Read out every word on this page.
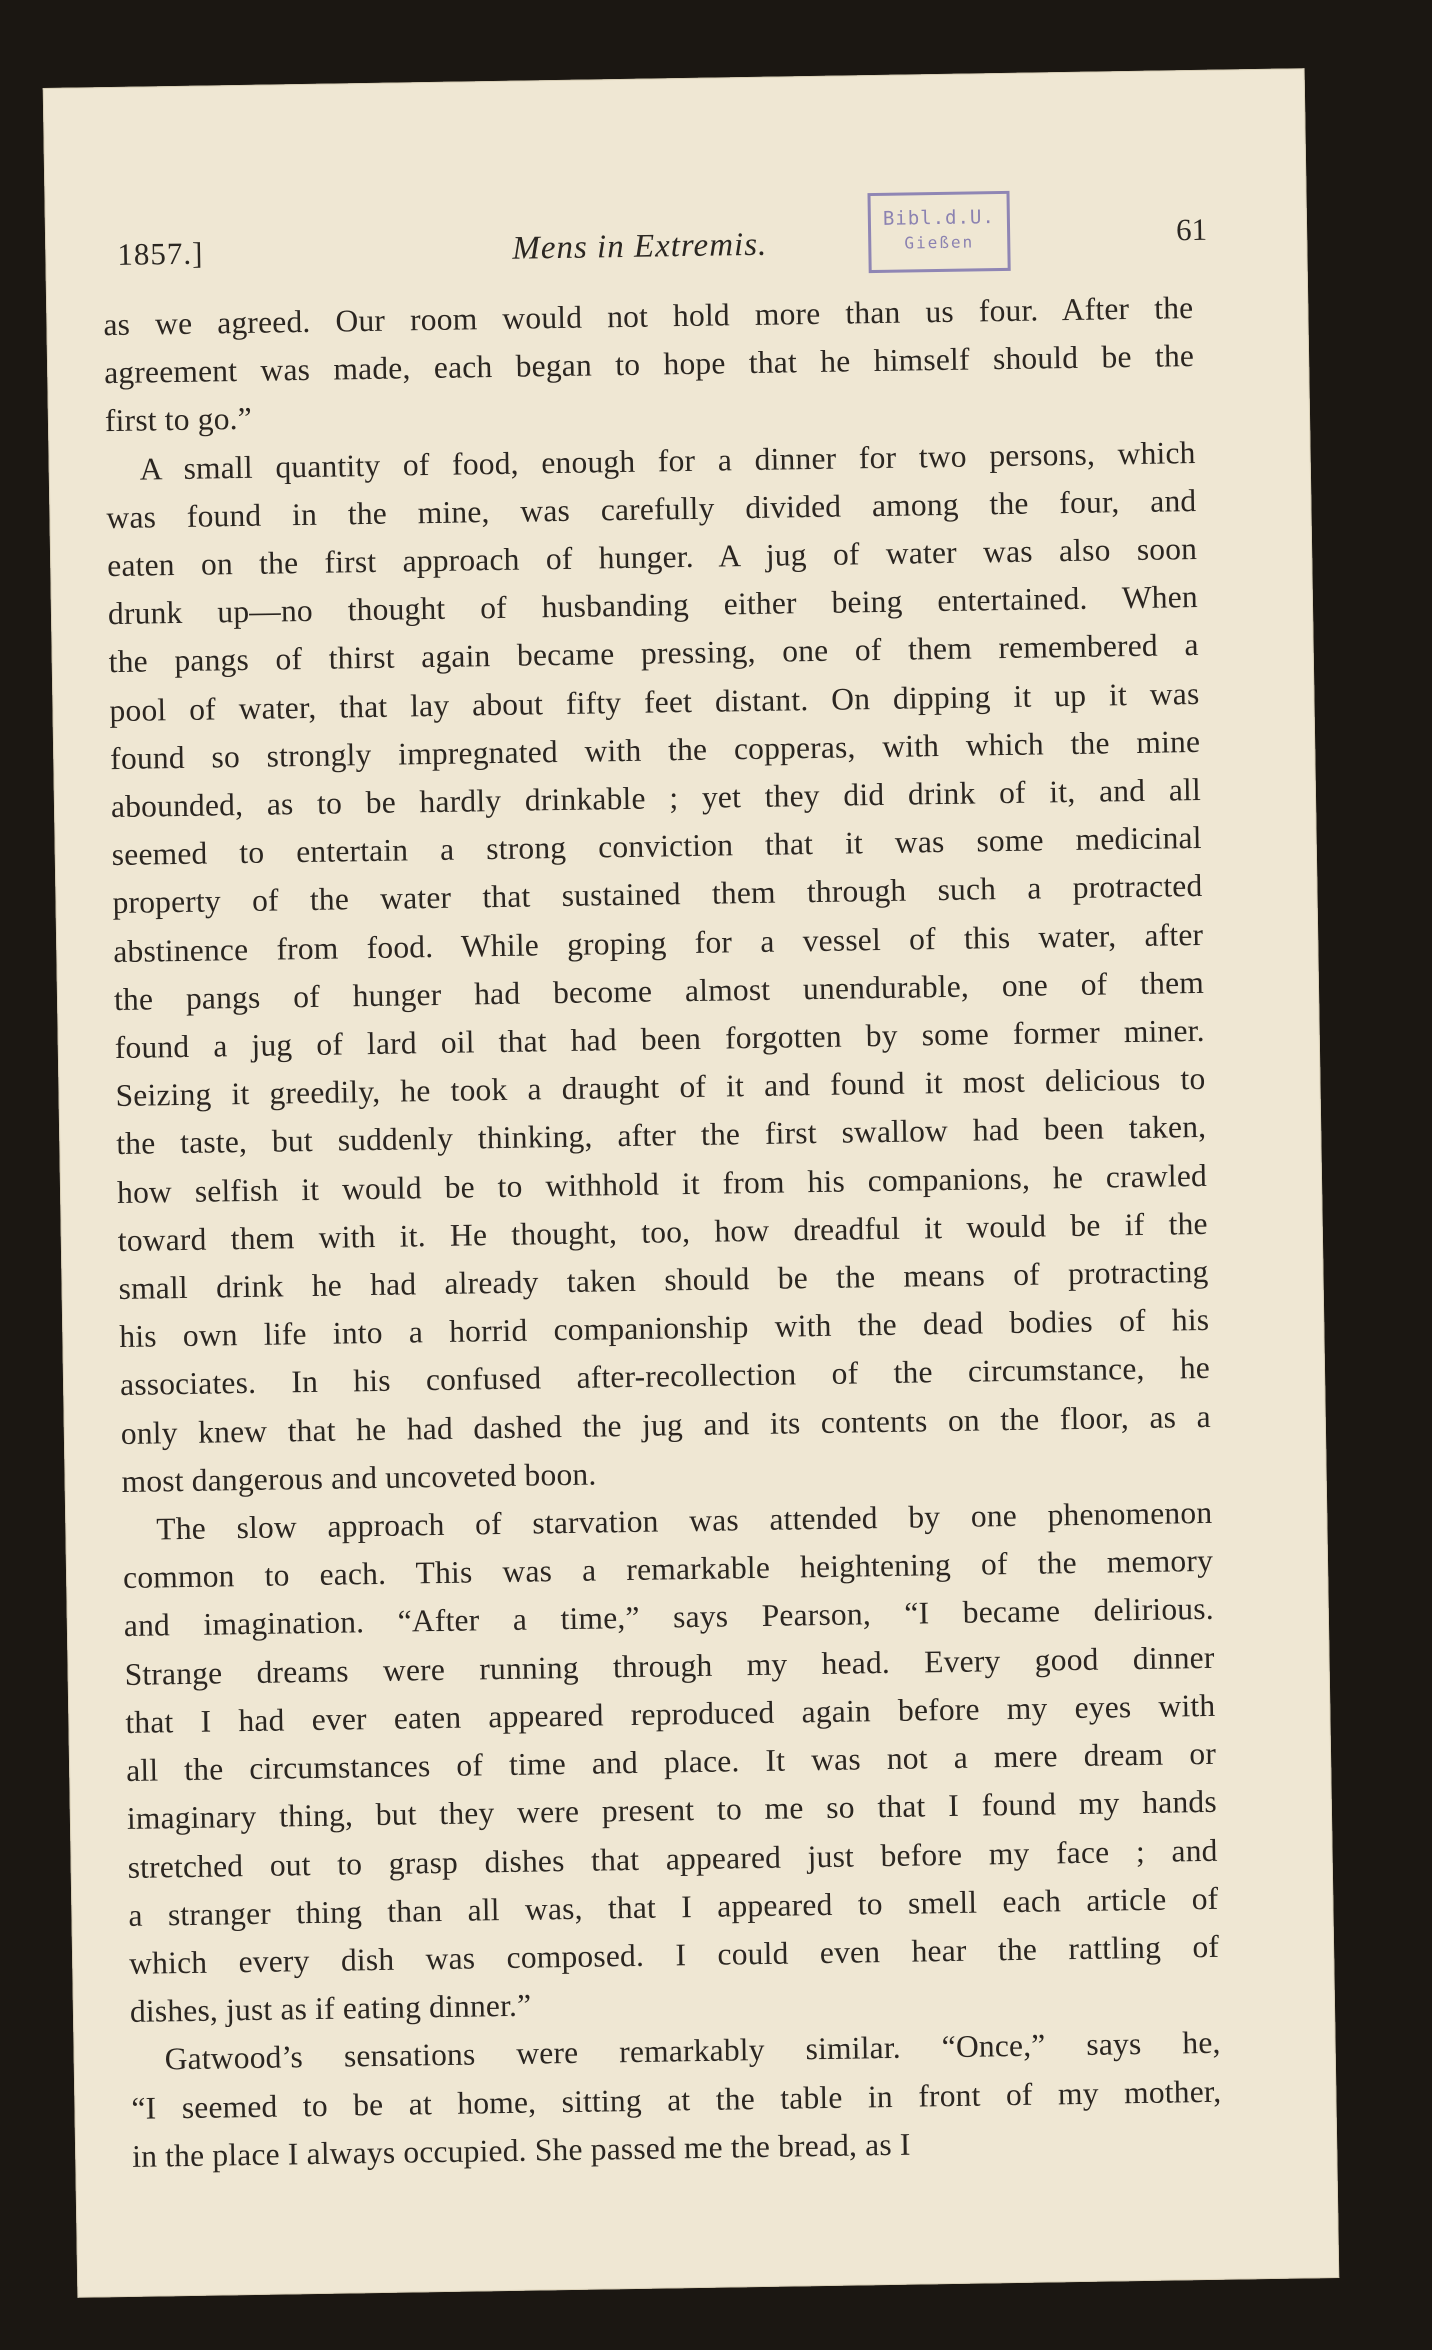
1857.]	Mens in Extremis.	61
Bibl.d.U.
Gießen
as we agreed. Our room would not hold more than us four. After the
agreement was made, each began to hope that he himself should be the
first to go.”
A small quantity of food, enough for a dinner for two persons, which
was found in the mine, was carefully divided among the four, and
eaten on the first approach of hunger. A jug of water was also soon
drunk up—no thought of husbanding either being entertained. When
the pangs of thirst again became pressing, one of them remembered a
pool of water, that lay about fifty feet distant. On dipping it up it was
found so strongly impregnated with the copperas, with which the mine
abounded, as to be hardly drinkable ; yet they did drink of it, and all
seemed to entertain a strong conviction that it was some medicinal
property of the water that sustained them through such a protracted
abstinence from food. While groping for a vessel of this water, after
the pangs of hunger had become almost unendurable, one of them
found a jug of lard oil that had been forgotten by some former miner.
Seizing it greedily, he took a draught of it and found it most delicious to
the taste, but suddenly thinking, after the first swallow had been taken,
how selfish it would be to withhold it from his companions, he crawled
toward them with it. He thought, too, how dreadful it would be if the
small drink he had already taken should be the means of protracting
his own life into a horrid companionship with the dead bodies of his
associates. In his confused after-recollection of the circumstance, he
only knew that he had dashed the jug and its contents on the floor, as a
most dangerous and uncoveted boon.
The slow approach of starvation was attended by one phenomenon
common to each. This was a remarkable heightening of the memory
and imagination. “After a time,” says Pearson, “I became delirious.
Strange dreams were running through my head. Every good dinner
that I had ever eaten appeared reproduced again before my eyes with
all the circumstances of time and place. It was not a mere dream or
imaginary thing, but they were present to me so that I found my hands
stretched out to grasp dishes that appeared just before my face ; and
a stranger thing than all was, that I appeared to smell each article of
which every dish was composed. I could even hear the rattling of
dishes, just as if eating dinner.”
Gatwood’s sensations were remarkably similar. “Once,” says he,
“I seemed to be at home, sitting at the table in front of my mother,
in the place I always occupied. She passed me the bread, as I
